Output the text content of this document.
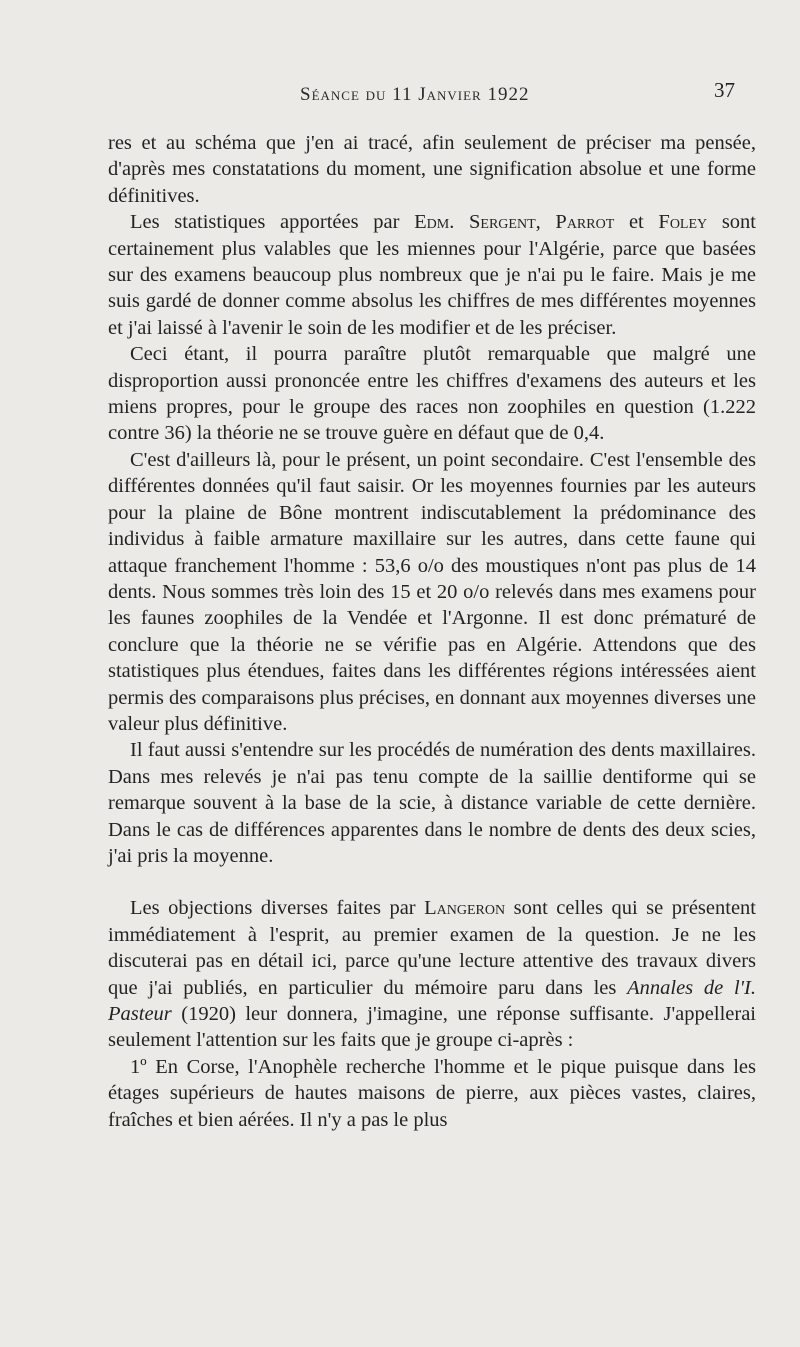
Séance du 11 Janvier 1922	37

res et au schéma que j'en ai tracé, afin seulement de préciser ma pensée, d'après mes constatations du moment, une signification absolue et une forme définitives.

Les statistiques apportées par Edm. Sergent, Parrot et Foley sont certainement plus valables que les miennes pour l'Algérie, parce que basées sur des examens beaucoup plus nombreux que je n'ai pu le faire. Mais je me suis gardé de donner comme absolus les chiffres de mes différentes moyennes et j'ai laissé à l'avenir le soin de les modifier et de les préciser.

Ceci étant, il pourra paraître plutôt remarquable que malgré une disproportion aussi prononcée entre les chiffres d'examens des auteurs et les miens propres, pour le groupe des races non zoophiles en question (1.222 contre 36) la théorie ne se trouve guère en défaut que de 0,4.

C'est d'ailleurs là, pour le présent, un point secondaire. C'est l'ensemble des différentes données qu'il faut saisir. Or les moyennes fournies par les auteurs pour la plaine de Bône montrent indiscutablement la prédominance des individus à faible armature maxillaire sur les autres, dans cette faune qui attaque franchement l'homme : 53,6 o/o des moustiques n'ont pas plus de 14 dents. Nous sommes très loin des 15 et 20 o/o relevés dans mes examens pour les faunes zoophiles de la Vendée et l'Argonne. Il est donc prématuré de conclure que la théorie ne se vérifie pas en Algérie. Attendons que des statistiques plus étendues, faites dans les différentes régions intéressées aient permis des comparaisons plus précises, en donnant aux moyennes diverses une valeur plus définitive.

Il faut aussi s'entendre sur les procédés de numération des dents maxillaires. Dans mes relevés je n'ai pas tenu compte de la saillie dentiforme qui se remarque souvent à la base de la scie, à distance variable de cette dernière. Dans le cas de différences apparentes dans le nombre de dents des deux scies, j'ai pris la moyenne.

Les objections diverses faites par Langeron sont celles qui se présentent immédiatement à l'esprit, au premier examen de la question. Je ne les discuterai pas en détail ici, parce qu'une lecture attentive des travaux divers que j'ai publiés, en particulier du mémoire paru dans les Annales de l'I. Pasteur (1920) leur donnera, j'imagine, une réponse suffisante. J'appellerai seulement l'attention sur les faits que je groupe ci-après :

1º En Corse, l'Anophèle recherche l'homme et le pique puisque dans les étages supérieurs de hautes maisons de pierre, aux pièces vastes, claires, fraîches et bien aérées. Il n'y a pas le plus
